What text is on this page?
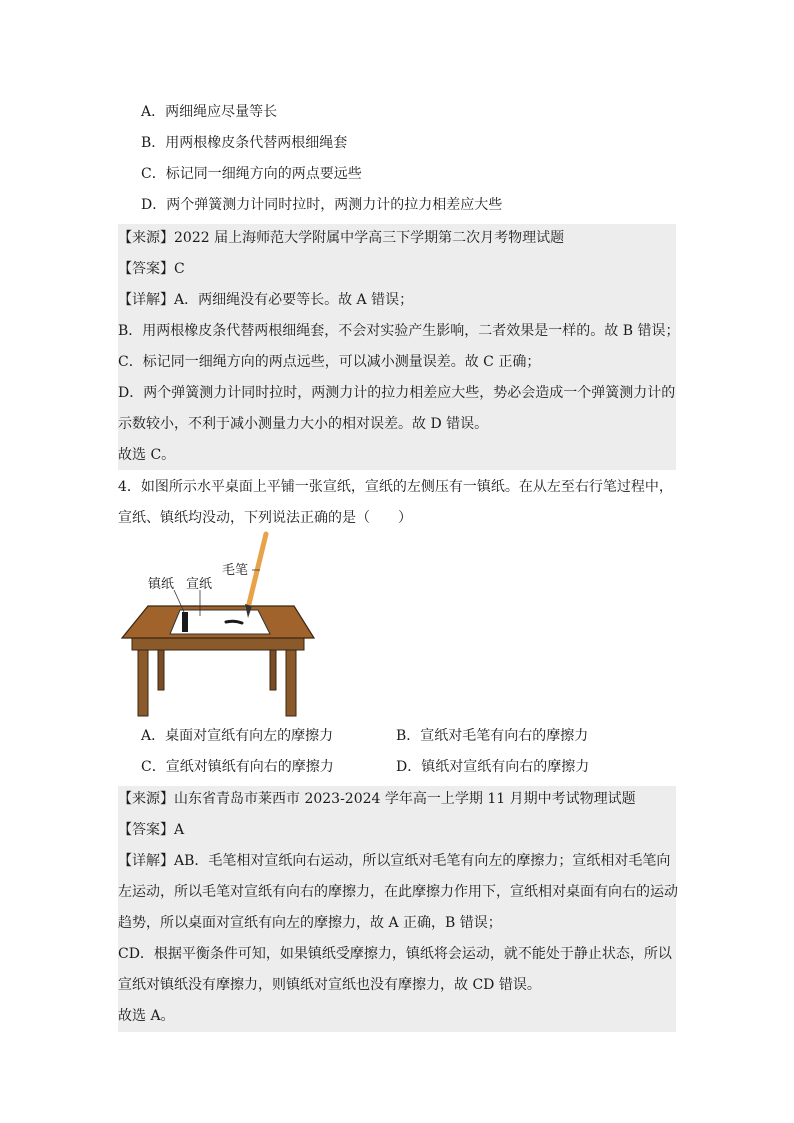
A．两细绳应尽量等长
B．用两根橡皮条代替两根细绳套
C．标记同一细绳方向的两点要远些
D．两个弹簧测力计同时拉时，两测力计的拉力相差应大些
【来源】2022 届上海师范大学附属中学高三下学期第二次月考物理试题
【答案】C
【详解】A．两细绳没有必要等长。故 A 错误；
B．用两根橡皮条代替两根细绳套，不会对实验产生影响，二者效果是一样的。故 B 错误；
C．标记同一细绳方向的两点远些，可以减小测量误差。故 C 正确；
D．两个弹簧测力计同时拉时，两测力计的拉力相差应大些，势必会造成一个弹簧测力计的
示数较小，不利于减小测量力大小的相对误差。故 D 错误。
故选 C。
4．如图所示水平桌面上平铺一张宣纸，宣纸的左侧压有一镇纸。在从左至右行笔过程中，
宣纸、镇纸均没动，下列说法正确的是（　　）
毛笔
镇纸 宣纸
A．桌面对宣纸有向左的摩擦力	B．宣纸对毛笔有向右的摩擦力
C．宣纸对镇纸有向右的摩擦力	D．镇纸对宣纸有向右的摩擦力
【来源】山东省青岛市莱西市 2023-2024 学年高一上学期 11 月期中考试物理试题
【答案】A
【详解】AB．毛笔相对宣纸向右运动，所以宣纸对毛笔有向左的摩擦力；宣纸相对毛笔向
左运动，所以毛笔对宣纸有向右的摩擦力，在此摩擦力作用下，宣纸相对桌面有向右的运动
趋势，所以桌面对宣纸有向左的摩擦力，故 A 正确，B 错误；
CD．根据平衡条件可知，如果镇纸受摩擦力，镇纸将会运动，就不能处于静止状态，所以
宣纸对镇纸没有摩擦力，则镇纸对宣纸也没有摩擦力，故 CD 错误。
故选 A。
